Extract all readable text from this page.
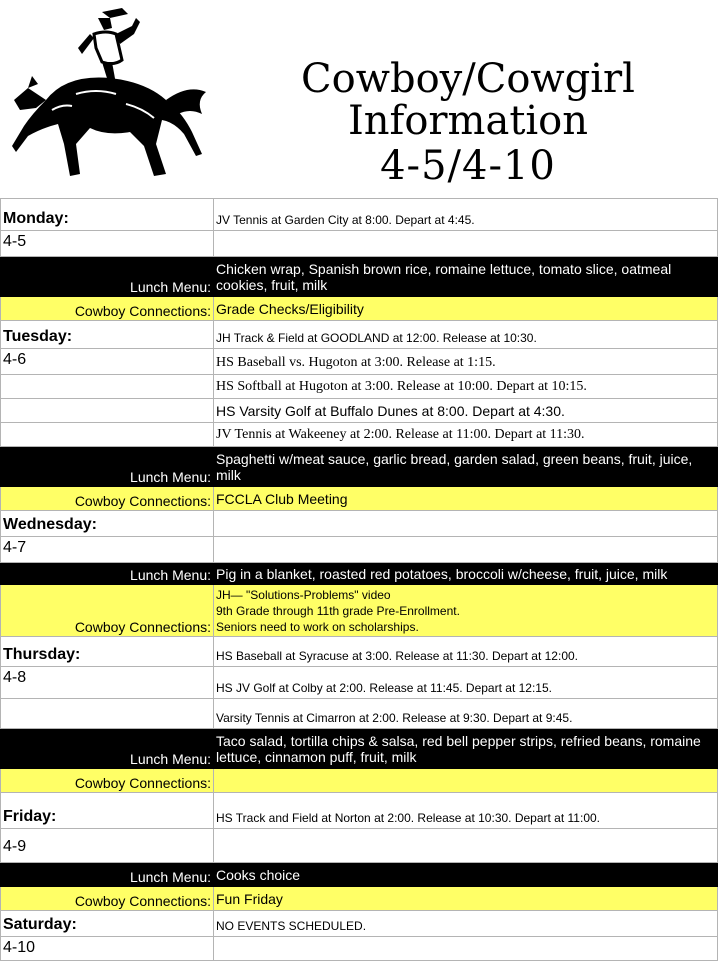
Cowboy/Cowgirl
Information
4-5/4-10
Monday:	JV Tennis at Garden City at 8:00. Depart at 4:45.
4-5	
Lunch Menu:	Chicken wrap, Spanish brown rice, romaine lettuce, tomato slice, oatmeal cookies, fruit, milk
Cowboy Connections:	Grade Checks/Eligibility
Tuesday:	JH Track & Field at GOODLAND at 12:00. Release at 10:30.
4-6	HS Baseball vs. Hugoton at 3:00. Release at 1:15.
	HS Softball at Hugoton at 3:00. Release at 10:00. Depart at 10:15.
	HS Varsity Golf at Buffalo Dunes at 8:00. Depart at 4:30.
	JV Tennis at Wakeeney at 2:00. Release at 11:00. Depart at 11:30.
Lunch Menu:	Spaghetti w/meat sauce, garlic bread, garden salad, green beans, fruit, juice, milk
Cowboy Connections:	FCCLA Club Meeting
Wednesday:	
4-7	
Lunch Menu:	Pig in a blanket, roasted red potatoes, broccoli w/cheese, fruit, juice, milk
Cowboy Connections:	JH— "Solutions-Problems" video
9th Grade through 11th grade Pre-Enrollment.
Seniors need to work on scholarships.

Thursday:	HS Baseball at Syracuse at 3:00. Release at 11:30. Depart at 12:00.
4-8	HS JV Golf at Colby at 2:00. Release at 11:45. Depart at 12:15.
	Varsity Tennis at Cimarron at 2:00. Release at 9:30. Depart at 9:45.
Lunch Menu:	Taco salad, tortilla chips & salsa, red bell pepper strips, refried beans, romaine lettuce, cinnamon puff, fruit, milk
Cowboy Connections:	
Friday:	HS Track and Field at Norton at 2:00. Release at 10:30. Depart at 11:00.
4-9	
Lunch Menu:	Cooks choice
Cowboy Connections:	Fun Friday
Saturday:	NO EVENTS SCHEDULED.
4-10	
